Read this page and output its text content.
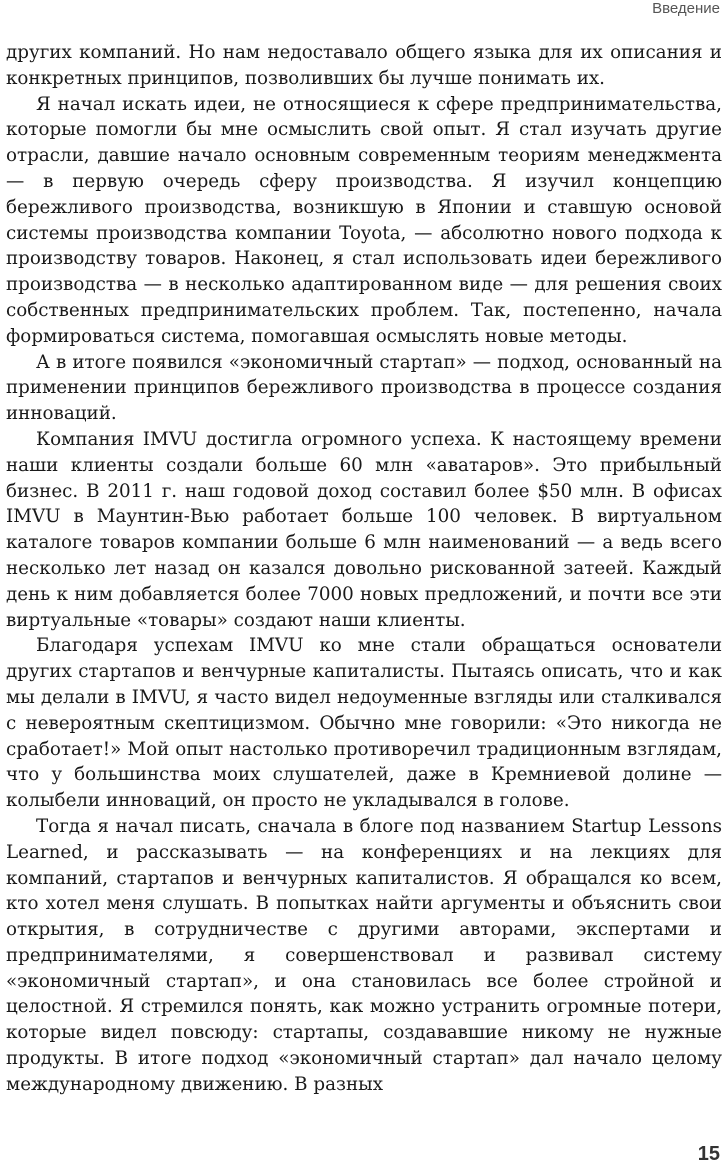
Введение

других компаний. Но нам недоставало общего языка для их описания и конкретных принципов, позволивших бы лучше понимать их.

Я начал искать идеи, не относящиеся к сфере предпринимательства, которые помогли бы мне осмыслить свой опыт. Я стал изучать другие отрасли, давшие начало основным современным теориям менеджмента — в первую очередь сферу производства. Я изучил концепцию бережливого производства, возникшую в Японии и ставшую основой системы производства компании Toyota, — абсолютно нового подхода к производству товаров. Наконец, я стал использовать идеи бережливого производства — в несколько адаптированном виде — для решения своих собственных предпринимательских проблем. Так, постепенно, начала формироваться система, помогавшая осмыслять новые методы.

А в итоге появился «экономичный стартап» — подход, основанный на применении принципов бережливого производства в процессе создания инноваций.

Компания IMVU достигла огромного успеха. К настоящему времени наши клиенты создали больше 60 млн «аватаров». Это прибыльный бизнес. В 2011 г. наш годовой доход составил более $50 млн. В офисах IMVU в Маунтин-Вью работает больше 100 человек. В виртуальном каталоге товаров компании больше 6 млн наименований — а ведь всего несколько лет назад он казался довольно рискованной затеей. Каждый день к ним добавляется более 7000 новых предложений, и почти все эти виртуальные «товары» создают наши клиенты.

Благодаря успехам IMVU ко мне стали обращаться основатели других стартапов и венчурные капиталисты. Пытаясь описать, что и как мы делали в IMVU, я часто видел недоуменные взгляды или сталкивался с невероятным скептицизмом. Обычно мне говорили: «Это никогда не сработает!» Мой опыт настолько противоречил традиционным взглядам, что у большинства моих слушателей, даже в Кремниевой долине — колыбели инноваций, он просто не укладывался в голове.

Тогда я начал писать, сначала в блоге под названием Startup Lessons Learned, и рассказывать — на конференциях и на лекциях для компаний, стартапов и венчурных капиталистов. Я обращался ко всем, кто хотел меня слушать. В попытках найти аргументы и объяснить свои открытия, в сотрудничестве с другими авторами, экспертами и предпринимателями, я совершенствовал и развивал систему «экономичный стартап», и она становилась все более стройной и целостной. Я стремился понять, как можно устранить огромные потери, которые видел повсюду: стартапы, создававшие никому не нужные продукты. В итоге подход «экономичный стартап» дал начало целому международному движению. В разных

15
